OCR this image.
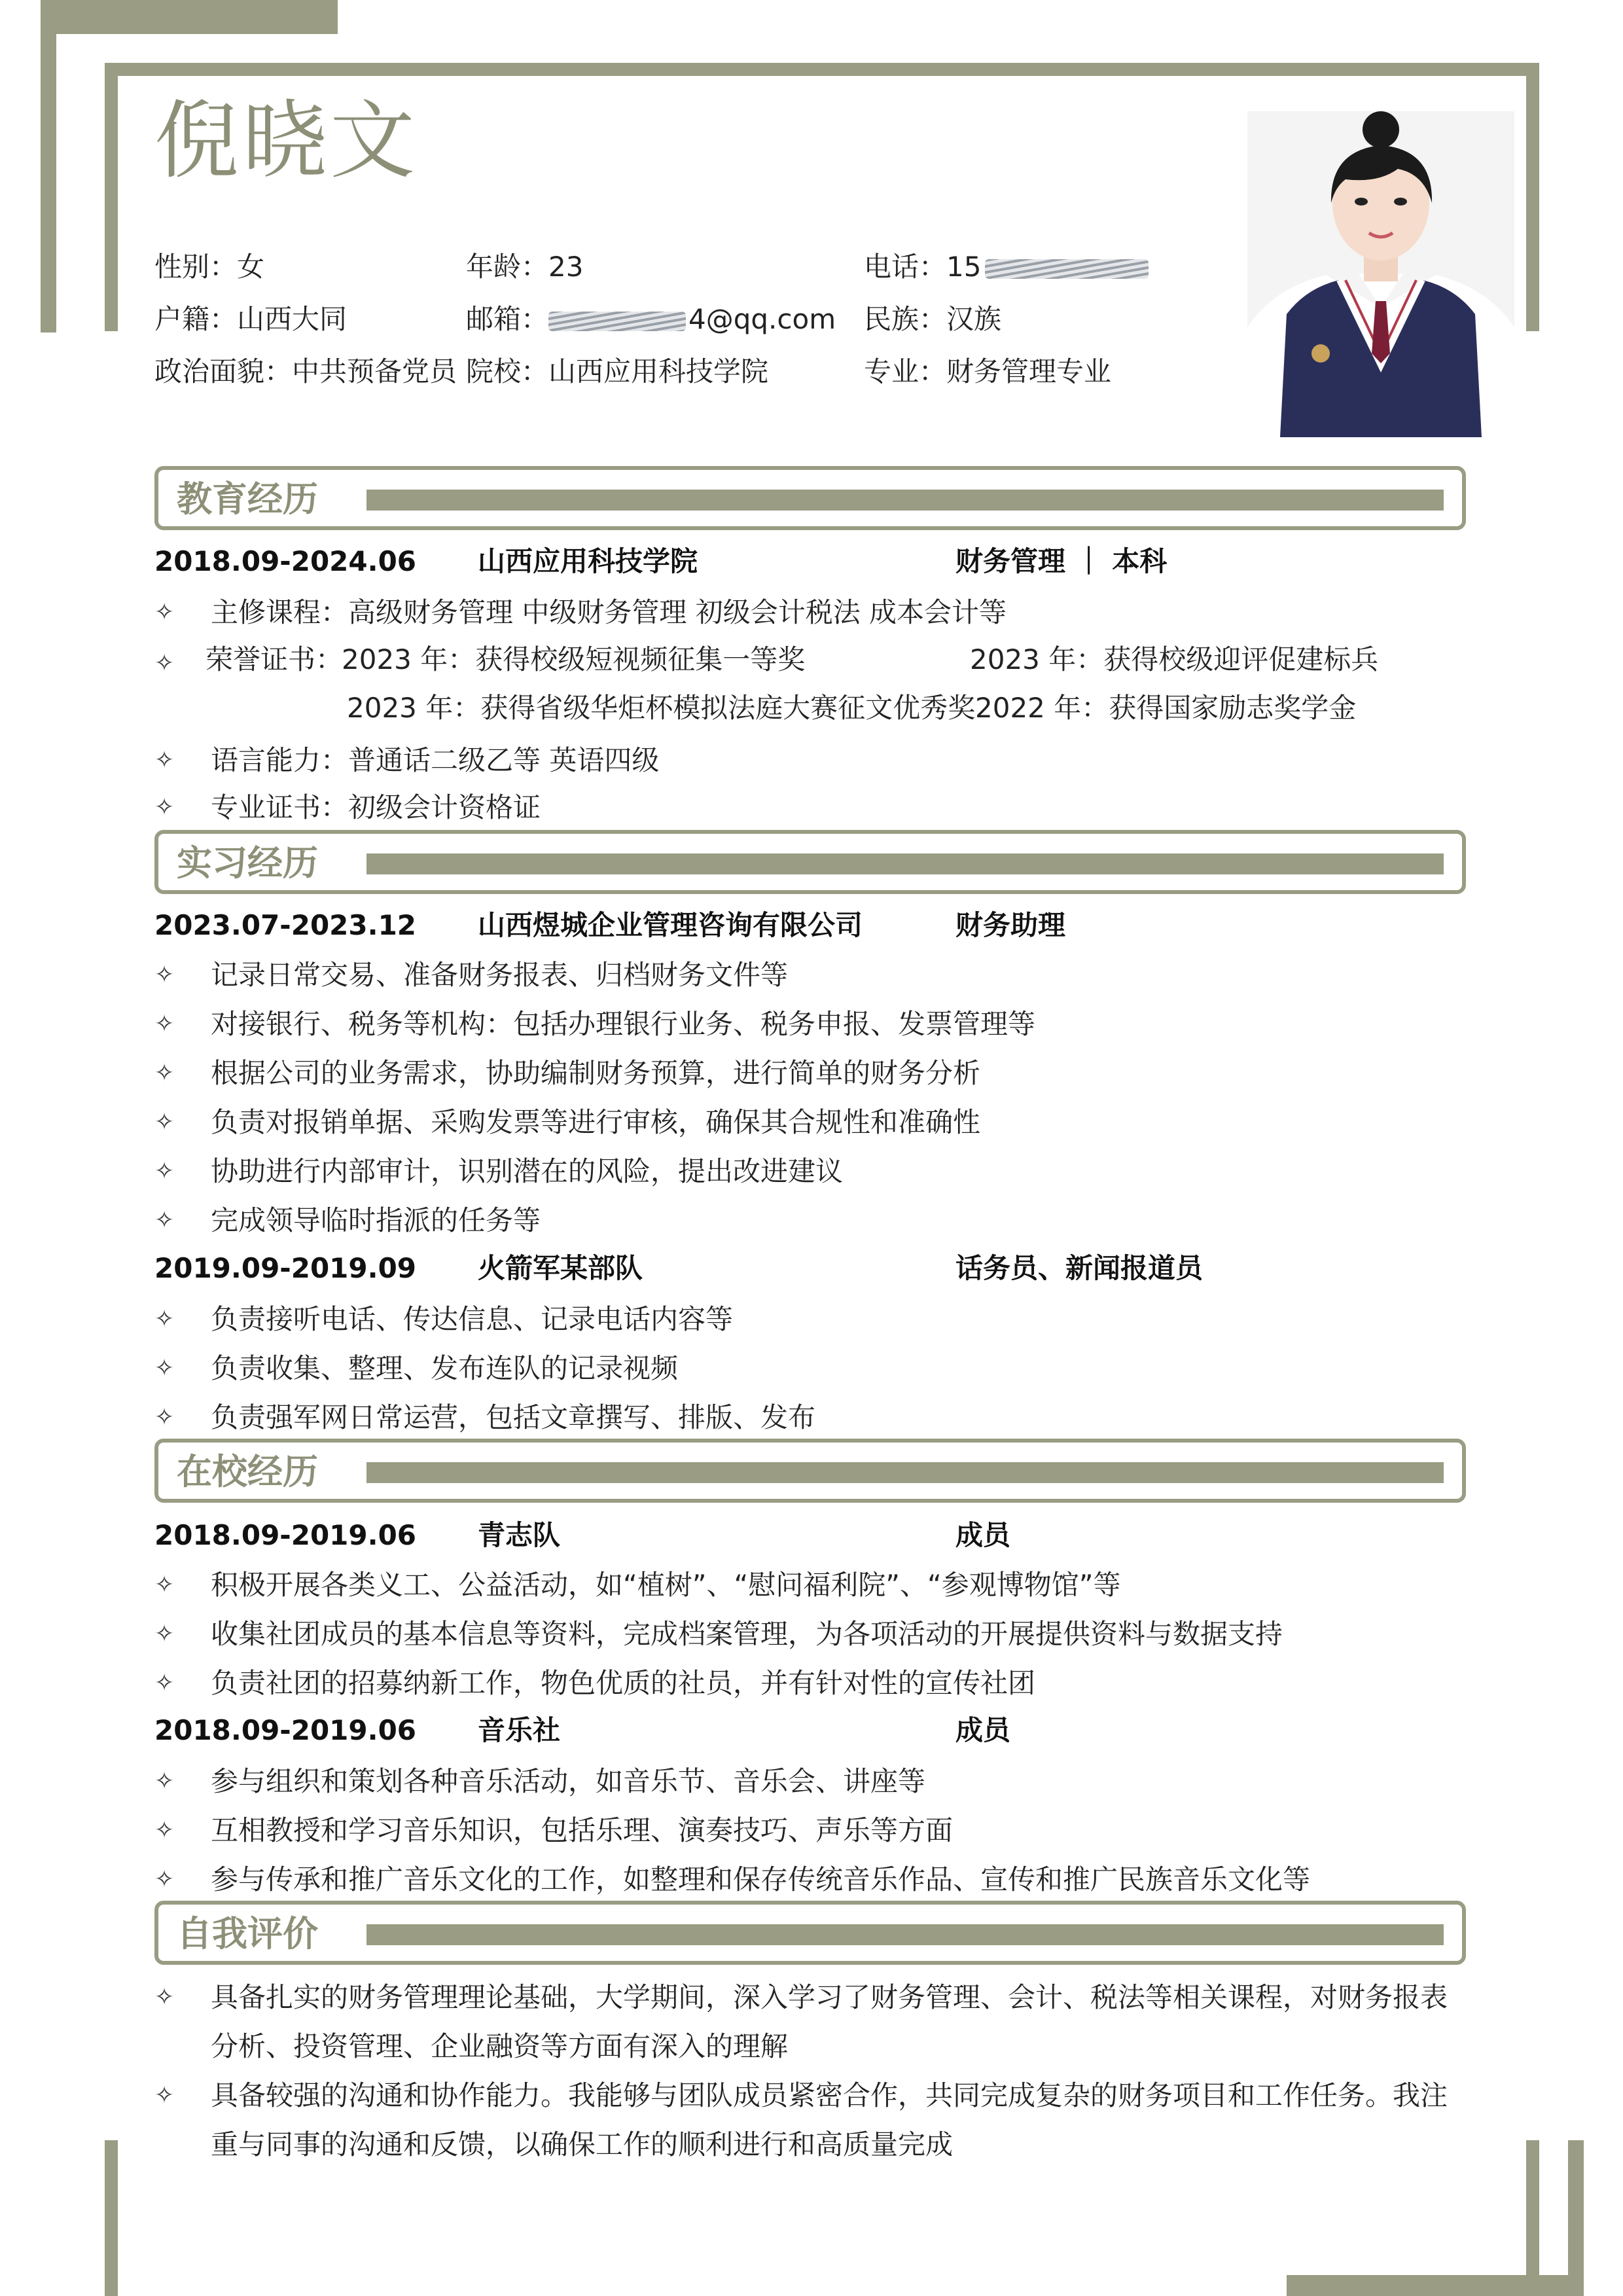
倪晓文
性别：女	年龄：23	电话：15
户籍：山西大同	邮箱：	4@qq.com 民族：汉族
政治面貌：中共预备党员 院校：山西应用科技学院	专业：财务管理专业
教育经历
2018.09-2024.06 山西应用科技学院	财务管理 ｜ 本科
✧ 主修课程：高级财务管理 中级财务管理 初级会计税法 成本会计等
✧ 荣誉证书：
2023 年：获得校级短视频征集一等奖	2023 年：获得校级迎评促建标兵
2023 年：获得省级华炬杯模拟法庭大赛征文优秀奖 2022 年：获得国家励志奖学金
✧ 语言能力：普通话二级乙等 英语四级
✧ 专业证书：初级会计资格证
实习经历
2023.07-2023.12 山西煜城企业管理咨询有限公司	财务助理
✧ 记录日常交易、准备财务报表、归档财务文件等
✧ 对接银行、税务等机构：包括办理银行业务、税务申报、发票管理等
✧ 根据公司的业务需求，协助编制财务预算，进行简单的财务分析
✧ 负责对报销单据、采购发票等进行审核，确保其合规性和准确性
✧ 协助进行内部审计，识别潜在的风险，提出改进建议
✧ 完成领导临时指派的任务等
2019.09-2019.09 火箭军某部队	话务员、新闻报道员
✧ 负责接听电话、传达信息、记录电话内容等
✧ 负责收集、整理、发布连队的记录视频
✧ 负责强军网日常运营，包括文章撰写、排版、发布
在校经历
2018.09-2019.06 青志队	成员
✧ 积极开展各类义工、公益活动，如“植树”、“慰问福利院”、“参观博物馆”等
✧ 收集社团成员的基本信息等资料，完成档案管理，为各项活动的开展提供资料与数据支持
✧ 负责社团的招募纳新工作，物色优质的社员，并有针对性的宣传社团
2018.09-2019.06 音乐社	成员
✧ 参与组织和策划各种音乐活动，如音乐节、音乐会、讲座等
✧ 互相教授和学习音乐知识，包括乐理、演奏技巧、声乐等方面
✧ 参与传承和推广音乐文化的工作，如整理和保存传统音乐作品、宣传和推广民族音乐文化等
自我评价
✧ 具备扎实的财务管理理论基础，大学期间，深入学习了财务管理、会计、税法等相关课程，对财务报表分析、投资管理、企业融资等方面有深入的理解
✧ 具备较强的沟通和协作能力。我能够与团队成员紧密合作，共同完成复杂的财务项目和工作任务。我注重与同事的沟通和反馈，以确保工作的顺利进行和高质量完成
